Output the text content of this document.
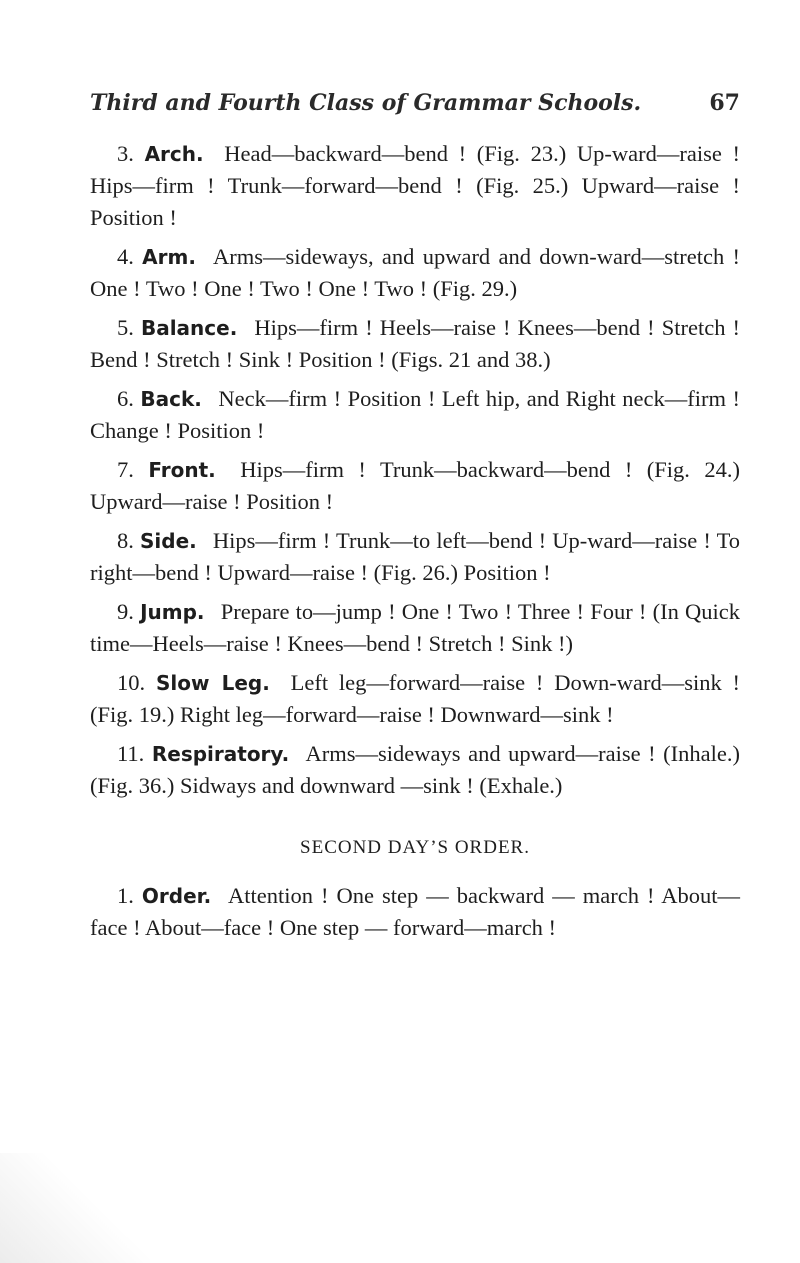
Third and Fourth Class of Grammar Schools.	67

3. Arch. Head—backward—bend ! (Fig. 23.) Up-ward—raise ! Hips—firm ! Trunk—forward—bend ! (Fig. 25.) Upward—raise ! Position !

4. Arm. Arms—sideways, and upward and down-ward—stretch ! One ! Two ! One ! Two ! One ! Two ! (Fig. 29.)

5. Balance. Hips—firm ! Heels—raise ! Knees—bend ! Stretch ! Bend ! Stretch ! Sink ! Position ! (Figs. 21 and 38.)

6. Back. Neck—firm ! Position ! Left hip, and Right neck—firm ! Change ! Position !

7. Front. Hips—firm ! Trunk—backward—bend ! (Fig. 24.) Upward—raise ! Position !

8. Side. Hips—firm ! Trunk—to left—bend ! Up-ward—raise ! To right—bend ! Upward—raise ! (Fig. 26.) Position !

9. Jump. Prepare to—jump ! One ! Two ! Three ! Four ! (In Quick time—Heels—raise ! Knees—bend ! Stretch ! Sink !)

10. Slow Leg. Left leg—forward—raise ! Down-ward—sink ! (Fig. 19.) Right leg—forward—raise ! Downward—sink !

11. Respiratory. Arms—sideways and upward—raise ! (Inhale.) (Fig. 36.) Sidways and downward —sink ! (Exhale.)

SECOND DAY’S ORDER.

1. Order. Attention ! One step — backward — march ! About—face ! About—face ! One step — forward—march !
